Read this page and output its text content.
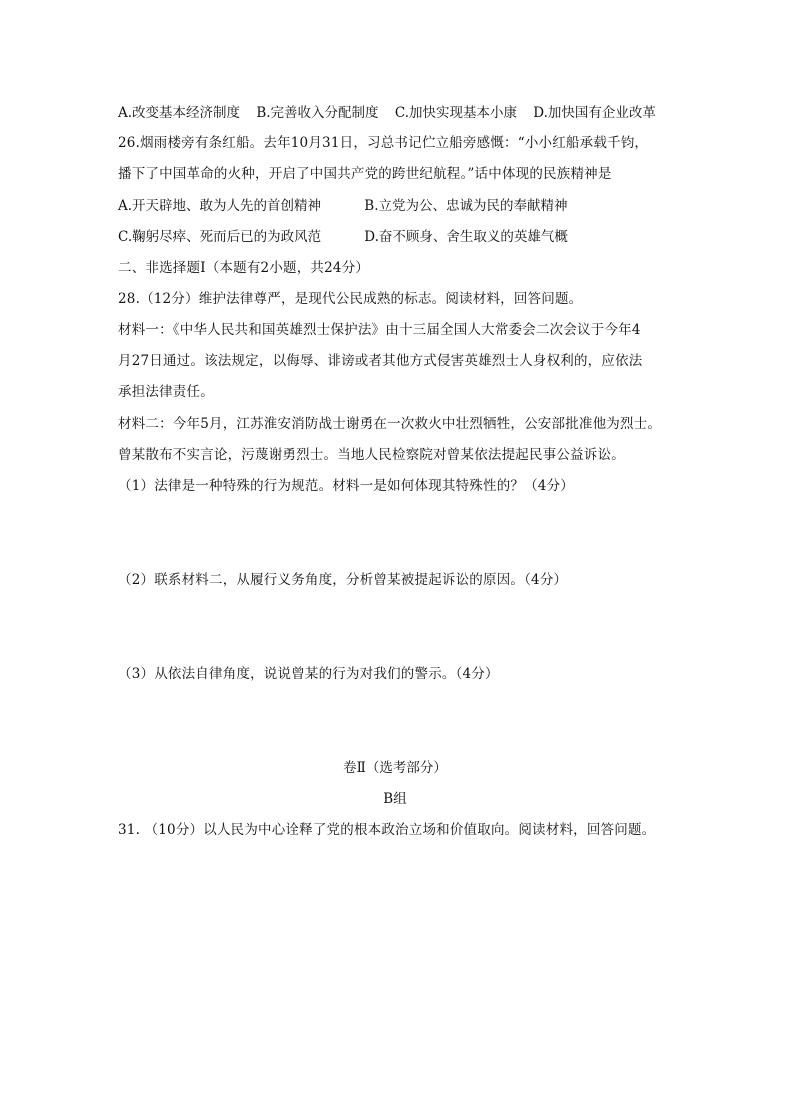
A.改变基本经济制度 B.完善收入分配制度 C.加快实现基本小康 D.加快国有企业改革
26.烟雨楼旁有条红船。去年10月31日，习总书记伫立船旁感慨：“小小红船承载千钧，
播下了中国革命的火种，开启了中国共产党的跨世纪航程。”话中体现的民族精神是
A.开天辟地、敢为人先的首创精神	B.立党为公、忠诚为民的奉献精神
C.鞠躬尽瘁、死而后已的为政风范	D.奋不顾身、舍生取义的英雄气概
二、非选择题Ⅰ（本题有2小题，共24分）
28.（12分）维护法律尊严，是现代公民成熟的标志。阅读材料，回答问题。
材料一：《中华人民共和国英雄烈士保护法》由十三届全国人大常委会二次会议于今年4
月27日通过。该法规定，以侮辱、诽谤或者其他方式侵害英雄烈士人身权利的，应依法
承担法律责任。
材料二：今年5月，江苏淮安消防战士谢勇在一次救火中壮烈牺牲，公安部批准他为烈士。
曾某散布不实言论，污蔑谢勇烈士。当地人民检察院对曾某依法提起民事公益诉讼。
（1）法律是一种特殊的行为规范。材料一是如何体现其特殊性的？（4分）
（2）联系材料二，从履行义务角度，分析曾某被提起诉讼的原因。（4分）
（3）从依法自律角度，说说曾某的行为对我们的警示。（4分）
卷Ⅱ（选考部分）
B组
31. （10分）以人民为中心诠释了党的根本政治立场和价值取向。阅读材料，回答问题。
